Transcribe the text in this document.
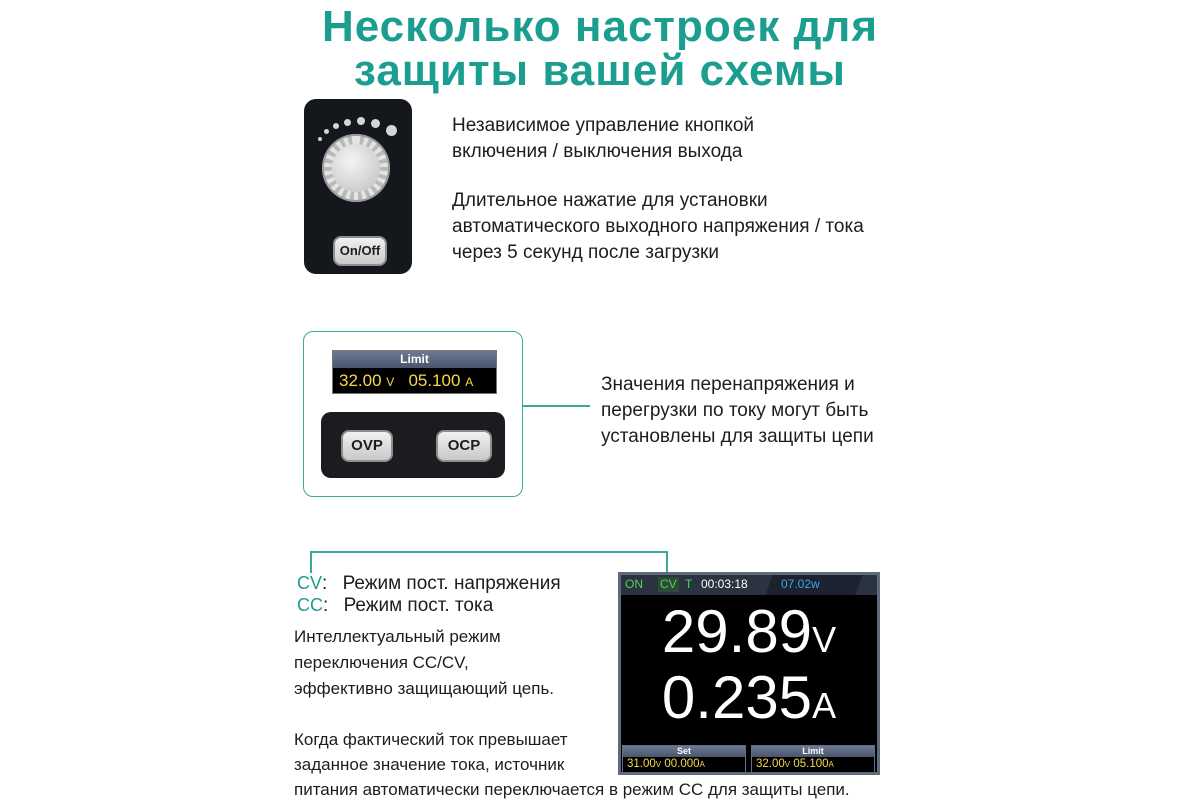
Несколько настроек для
защиты вашей схемы
On/Off
Независимое управление кнопкой
включения / выключения выхода
Длительное нажатие для установки
автоматического выходного напряжения / тока
через 5 секунд после загрузки
Limit
32.00 V 05.100 A
OVP	OCP
Значения перенапряжения и
перегрузки по току могут быть
установлены для защиты цепи
CV: Режим пост. напряжения
CC: Режим пост. тока
Интеллектуальный режим
переключения CC/CV,
эффективно защищающий цепь.
Когда фактический ток превышает
заданное значение тока, источник
питания автоматически переключается в режим CC для защиты цепи.
ON CV T 00:03:18	07.02w
29.89V
0.235A
Set
31.00V 00.000A
Limit
32.00V 05.100A
